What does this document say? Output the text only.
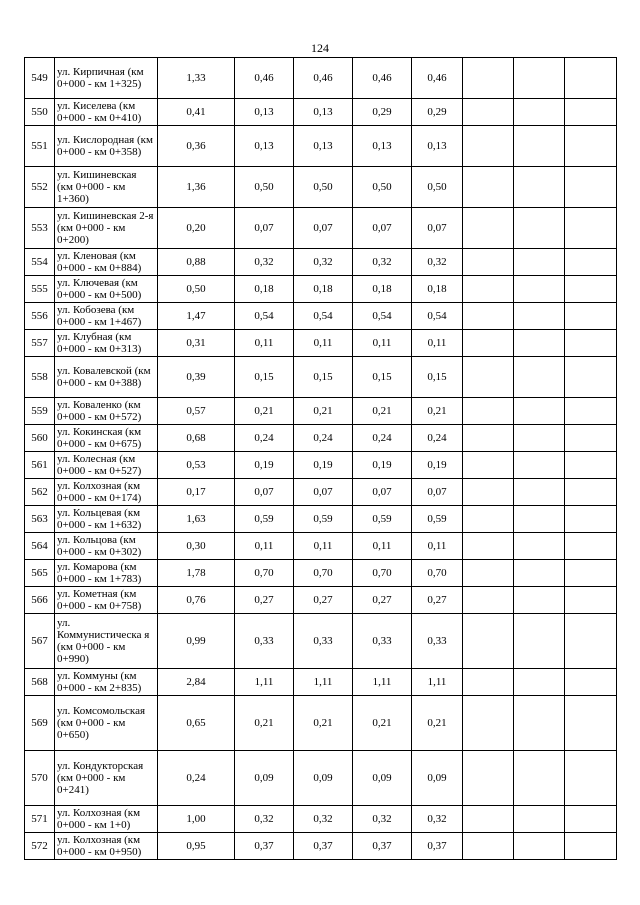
124
549	ул. Кирпичная (км 0+000 - км 1+325)	1,33	0,46	0,46	0,46	0,46			
550	ул. Киселева (км 0+000 - км 0+410)	0,41	0,13	0,13	0,29	0,29			
551	ул. Кислородная (км 0+000 - км 0+358)	0,36	0,13	0,13	0,13	0,13			
552	ул. Кишиневская (км 0+000 - км 1+360)	1,36	0,50	0,50	0,50	0,50			
553	ул. Кишиневская 2-я (км 0+000 - км 0+200)	0,20	0,07	0,07	0,07	0,07			
554	ул. Кленовая (км 0+000 - км 0+884)	0,88	0,32	0,32	0,32	0,32			
555	ул. Ключевая (км 0+000 - км 0+500)	0,50	0,18	0,18	0,18	0,18			
556	ул. Кобозева (км 0+000 - км 1+467)	1,47	0,54	0,54	0,54	0,54			
557	ул. Клубная (км 0+000 - км 0+313)	0,31	0,11	0,11	0,11	0,11			
558	ул. Ковалевской (км 0+000 - км 0+388)	0,39	0,15	0,15	0,15	0,15			
559	ул. Коваленко (км 0+000 - км 0+572)	0,57	0,21	0,21	0,21	0,21			
560	ул. Кокинская (км 0+000 - км 0+675)	0,68	0,24	0,24	0,24	0,24			
561	ул. Колесная (км 0+000 - км 0+527)	0,53	0,19	0,19	0,19	0,19			
562	ул. Колхозная (км 0+000 - км 0+174)	0,17	0,07	0,07	0,07	0,07			
563	ул. Кольцевая (км 0+000 - км 1+632)	1,63	0,59	0,59	0,59	0,59			
564	ул. Кольцова (км 0+000 - км 0+302)	0,30	0,11	0,11	0,11	0,11			
565	ул. Комарова (км 0+000 - км 1+783)	1,78	0,70	0,70	0,70	0,70			
566	ул. Кометная (км 0+000 - км 0+758)	0,76	0,27	0,27	0,27	0,27			
567	ул. Коммунистическа я (км 0+000 - км 0+990)	0,99	0,33	0,33	0,33	0,33			
568	ул. Коммуны (км 0+000 - км 2+835)	2,84	1,11	1,11	1,11	1,11			
569	ул. Комсомольская (км 0+000 - км 0+650)	0,65	0,21	0,21	0,21	0,21			
570	ул. Кондукторская (км 0+000 - км 0+241)	0,24	0,09	0,09	0,09	0,09			
571	ул. Колхозная (км 0+000 - км 1+0)	1,00	0,32	0,32	0,32	0,32			
572	ул. Колхозная (км 0+000 - км 0+950)	0,95	0,37	0,37	0,37	0,37			
